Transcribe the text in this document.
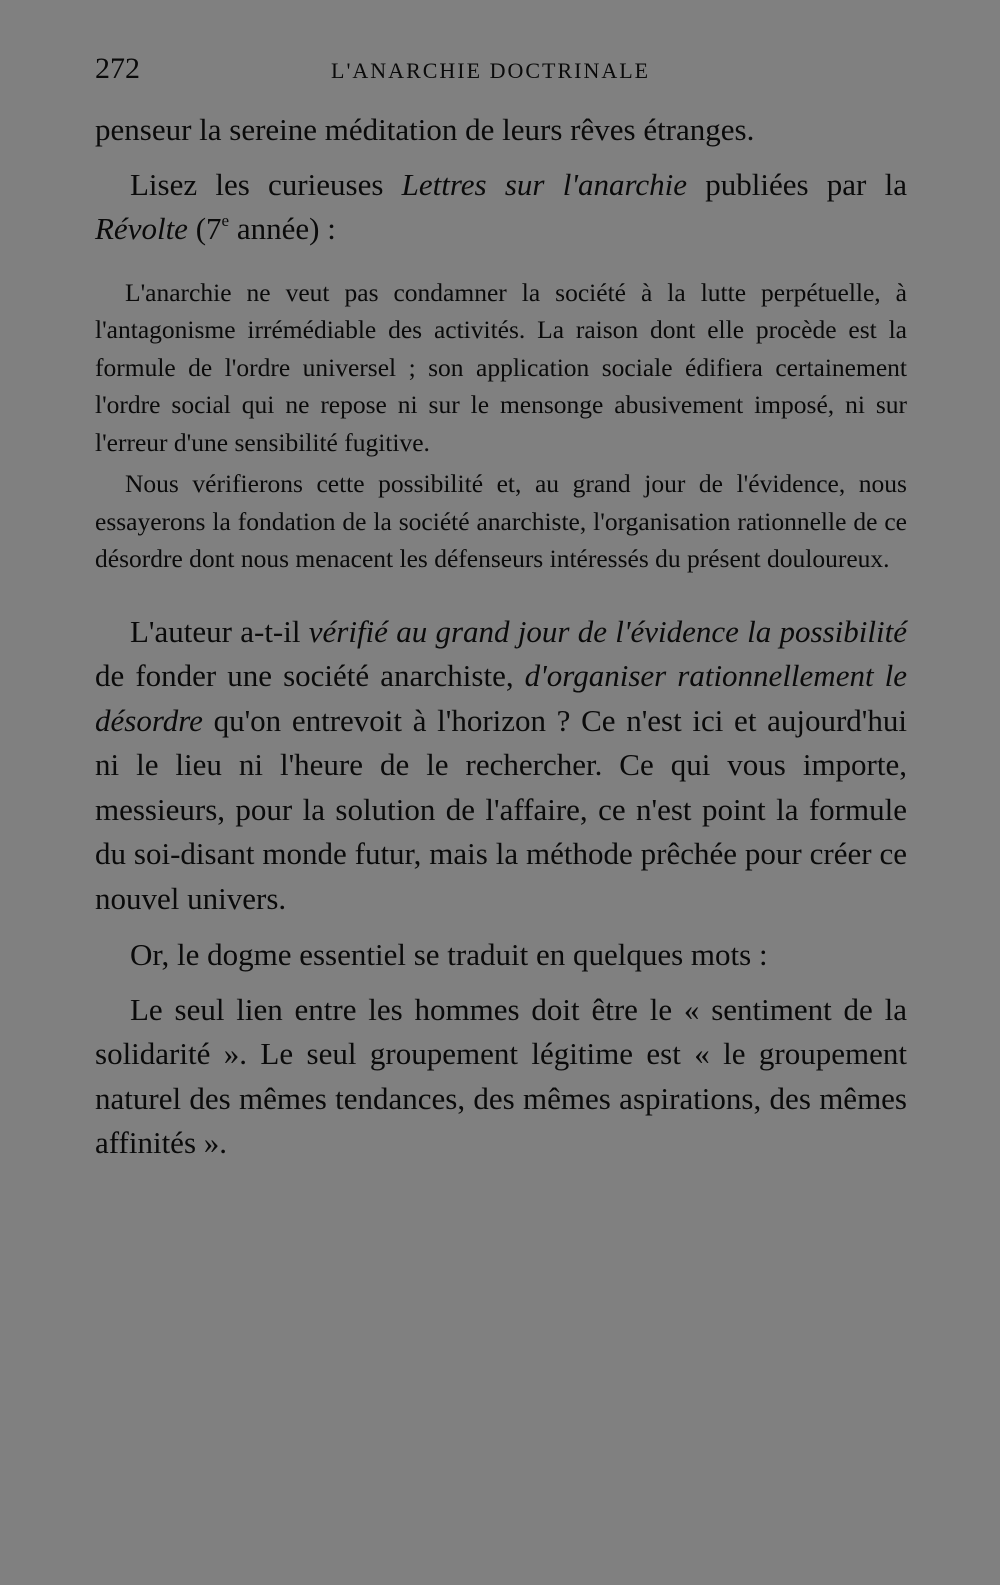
272	L'ANARCHIE DOCTRINALE

penseur la sereine méditation de leurs rêves étranges.

Lisez les curieuses Lettres sur l'anarchie publiées par la Révolte (7e année) :

L'anarchie ne veut pas condamner la société à la lutte perpétuelle, à l'antagonisme irrémédiable des activités. La raison dont elle procède est la formule de l'ordre universel ; son application sociale édifiera certainement l'ordre social qui ne repose ni sur le mensonge abusivement imposé, ni sur l'erreur d'une sensibilité fugitive.

Nous vérifierons cette possibilité et, au grand jour de l'évidence, nous essayerons la fondation de la société anarchiste, l'organisation rationnelle de ce désordre dont nous menacent les défenseurs intéressés du présent douloureux.

L'auteur a-t-il vérifié au grand jour de l'évidence la possibilité de fonder une société anarchiste, d'organiser rationnellement le désordre qu'on entrevoit à l'horizon ? Ce n'est ici et aujourd'hui ni le lieu ni l'heure de le rechercher. Ce qui vous importe, messieurs, pour la solution de l'affaire, ce n'est point la formule du soi-disant monde futur, mais la méthode prêchée pour créer ce nouvel univers.

Or, le dogme essentiel se traduit en quelques mots :

Le seul lien entre les hommes doit être le « sentiment de la solidarité ». Le seul groupement légitime est « le groupement naturel des mêmes tendances, des mêmes aspirations, des mêmes affinités ».
